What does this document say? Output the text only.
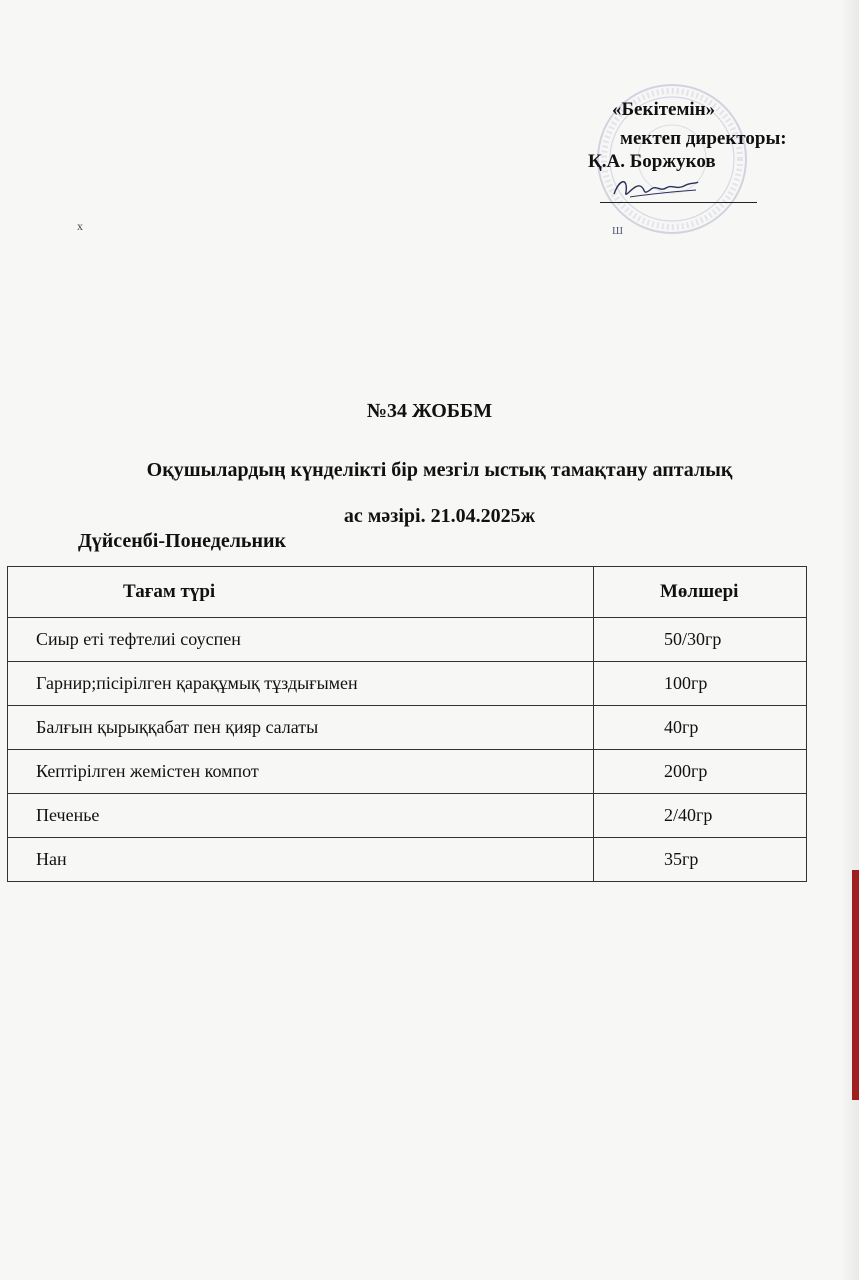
«Бекітемін»
мектеп директоры:
Қ.А. Боржуков
Ш
х
№34 ЖОББМ
Оқушылардың күнделікті бір мезгіл ыстық тамақтану апталық
ас мәзірі. 21.04.2025ж
Дүйсенбі-Понедельник
Тағам түрі	Мөлшері
Сиыр еті тефтелиі соуспен	50/30гр
Гарнир;пісірілген қарақұмық тұздығымен	100гр
Балғын қырыққабат пен қияр салаты	40гр
Кептірілген жемістен компот	200гр
Печенье	2/40гр
Нан	35гр
